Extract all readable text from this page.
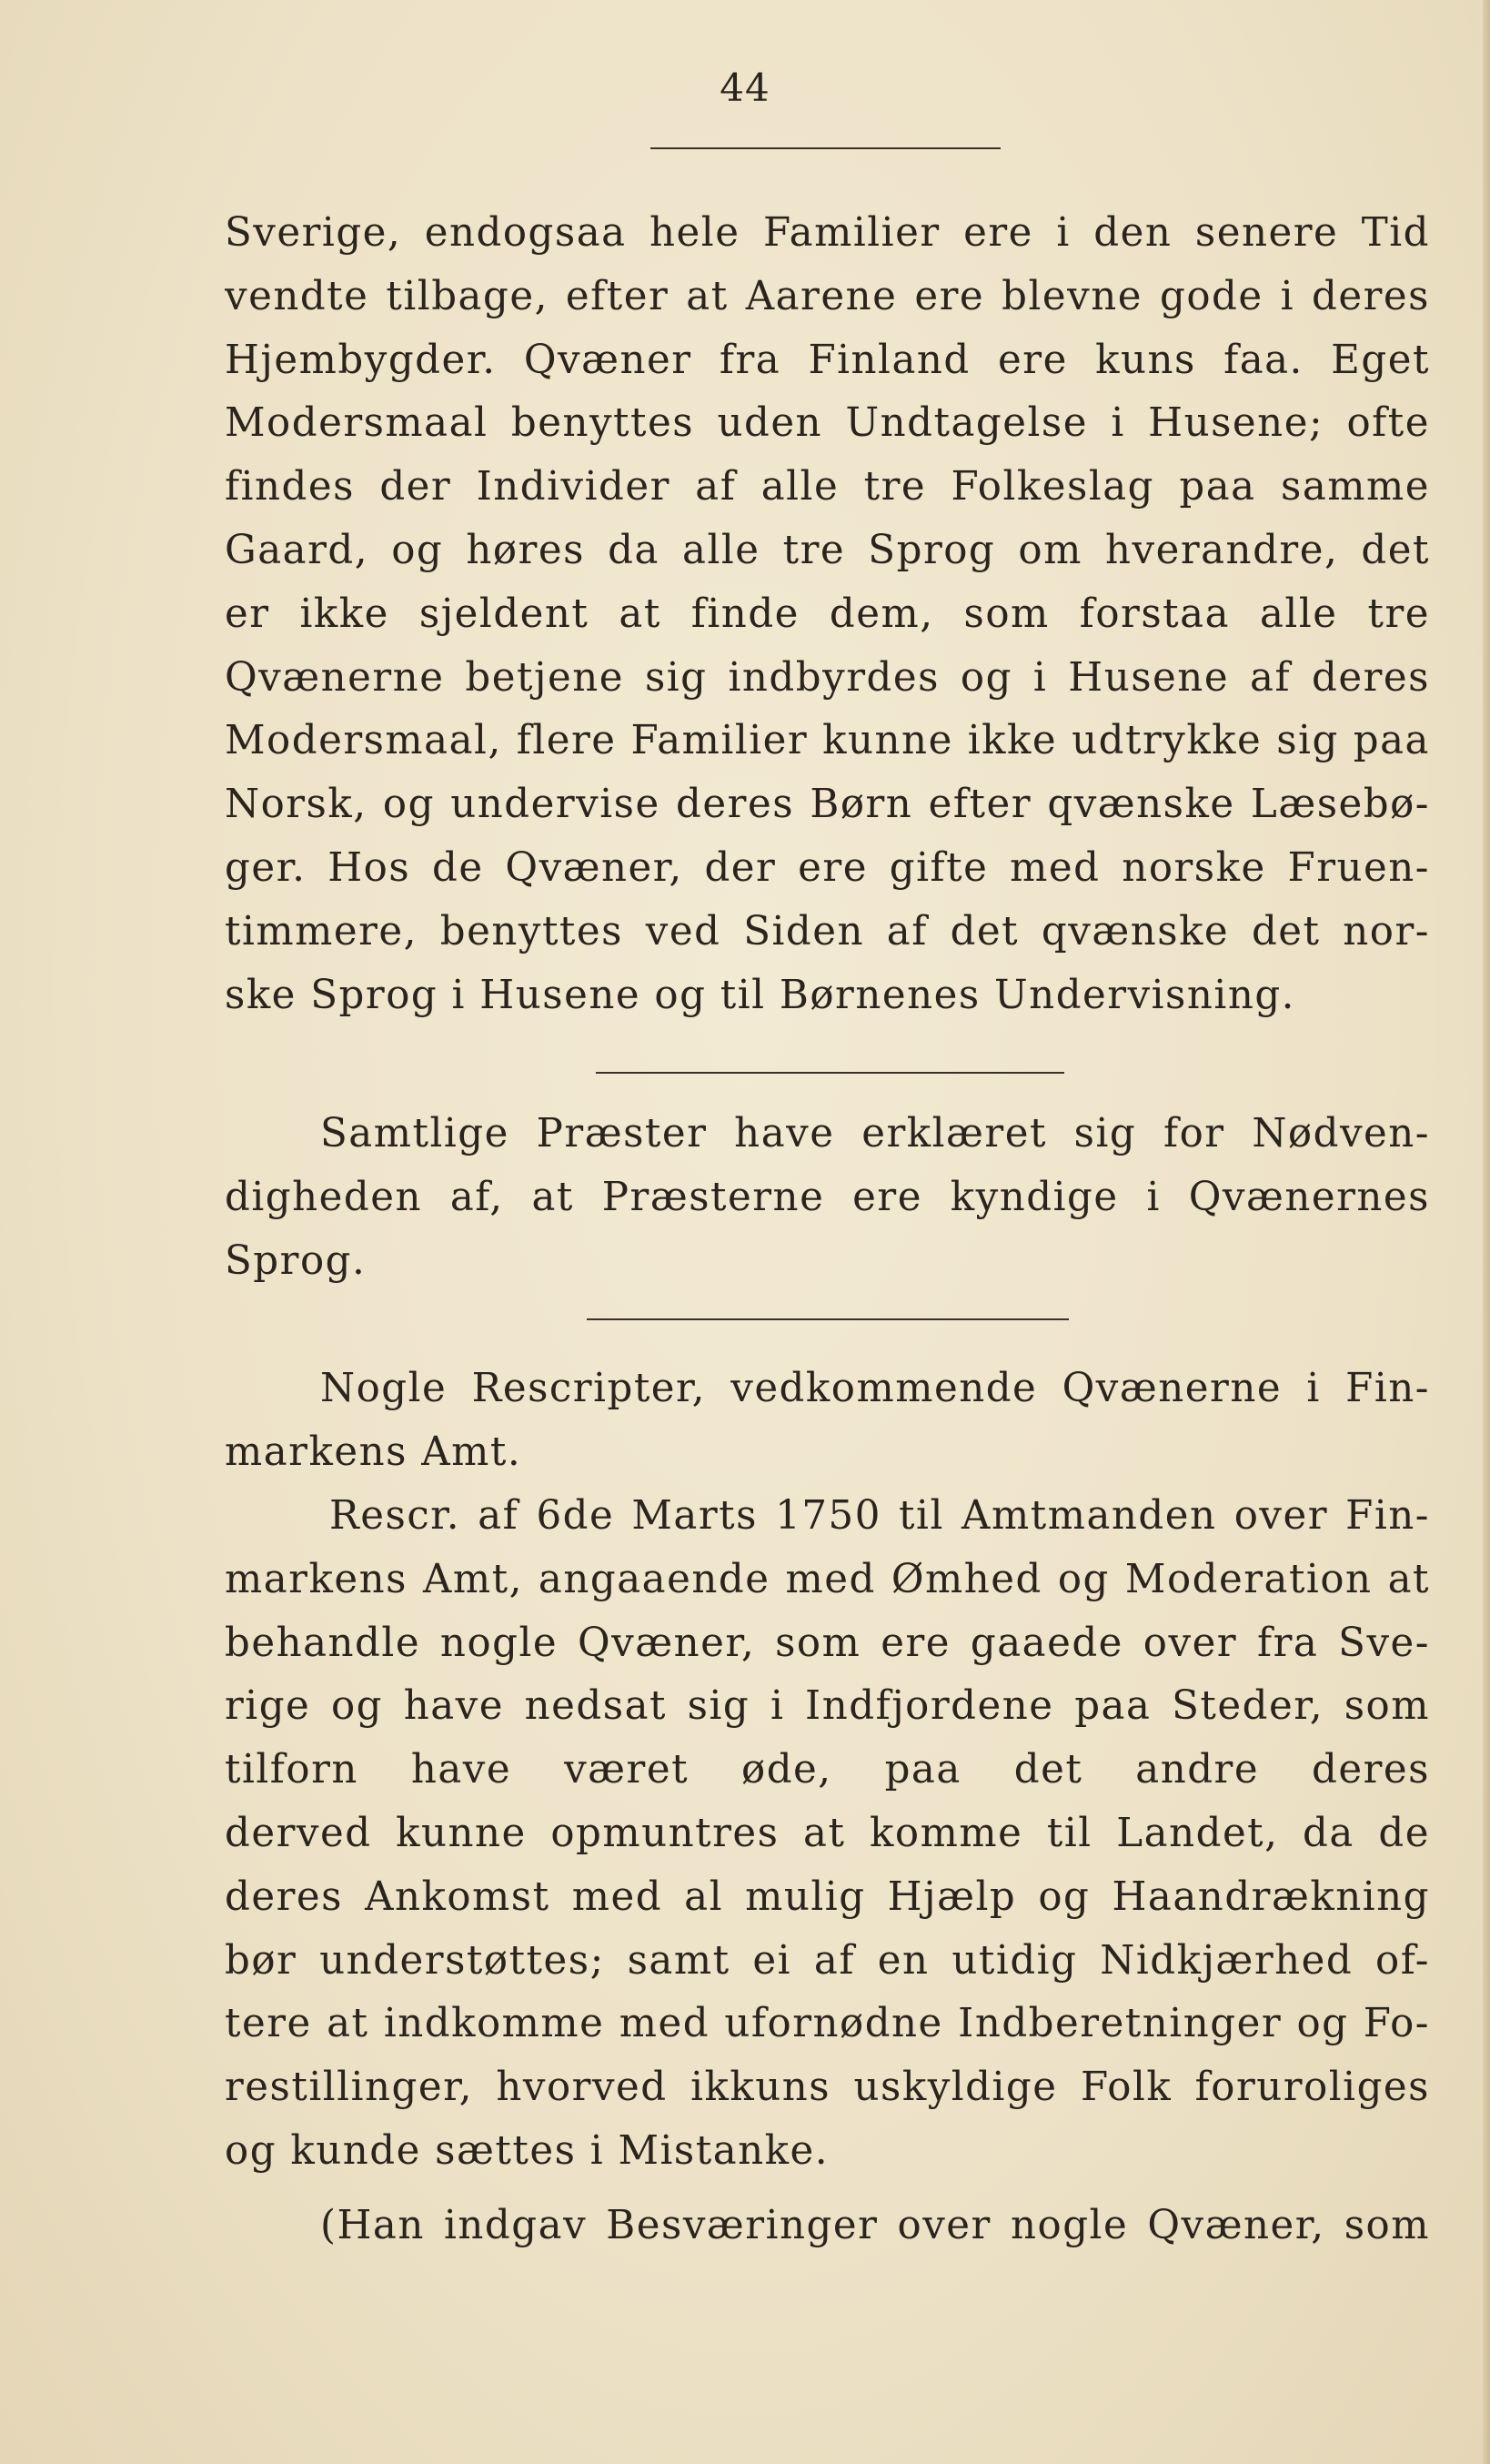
44
Sverige, endogsaa hele Familier ere i den senere Tid
vendte tilbage, efter at Aarene ere blevne gode i deres
Hjembygder. Qvæner fra Finland ere kuns faa. Eget
Modersmaal benyttes uden Undtagelse i Husene; ofte
findes der Individer af alle tre Folkeslag paa samme
Gaard, og høres da alle tre Sprog om hverandre, det
er ikke sjeldent at finde dem, som forstaa alle tre
Qvænerne betjene sig indbyrdes og i Husene af deres
Modersmaal, flere Familier kunne ikke udtrykke sig paa
Norsk, og undervise deres Børn efter qvænske Læsebø-
ger. Hos de Qvæner, der ere gifte med norske Fruen-
timmere, benyttes ved Siden af det qvænske det nor-
ske Sprog i Husene og til Børnenes Undervisning.
Samtlige Præster have erklæret sig for Nødven-
digheden af, at Præsterne ere kyndige i Qvænernes
Sprog.
Nogle Rescripter, vedkommende Qvænerne i Fin-
markens Amt.
Rescr. af 6de Marts 1750 til Amtmanden over Fin-
markens Amt, angaaende med Ømhed og Moderation at
behandle nogle Qvæner, som ere gaaede over fra Sve-
rige og have nedsat sig i Indfjordene paa Steder, som
tilforn have været øde, paa det andre deres
derved kunne opmuntres at komme til Landet, da de
deres Ankomst med al mulig Hjælp og Haandrækning
bør understøttes; samt ei af en utidig Nidkjærhed of-
tere at indkomme med ufornødne Indberetninger og Fo-
restillinger, hvorved ikkuns uskyldige Folk foruroliges
og kunde sættes i Mistanke.
(Han indgav Besværinger over nogle Qvæner, som
